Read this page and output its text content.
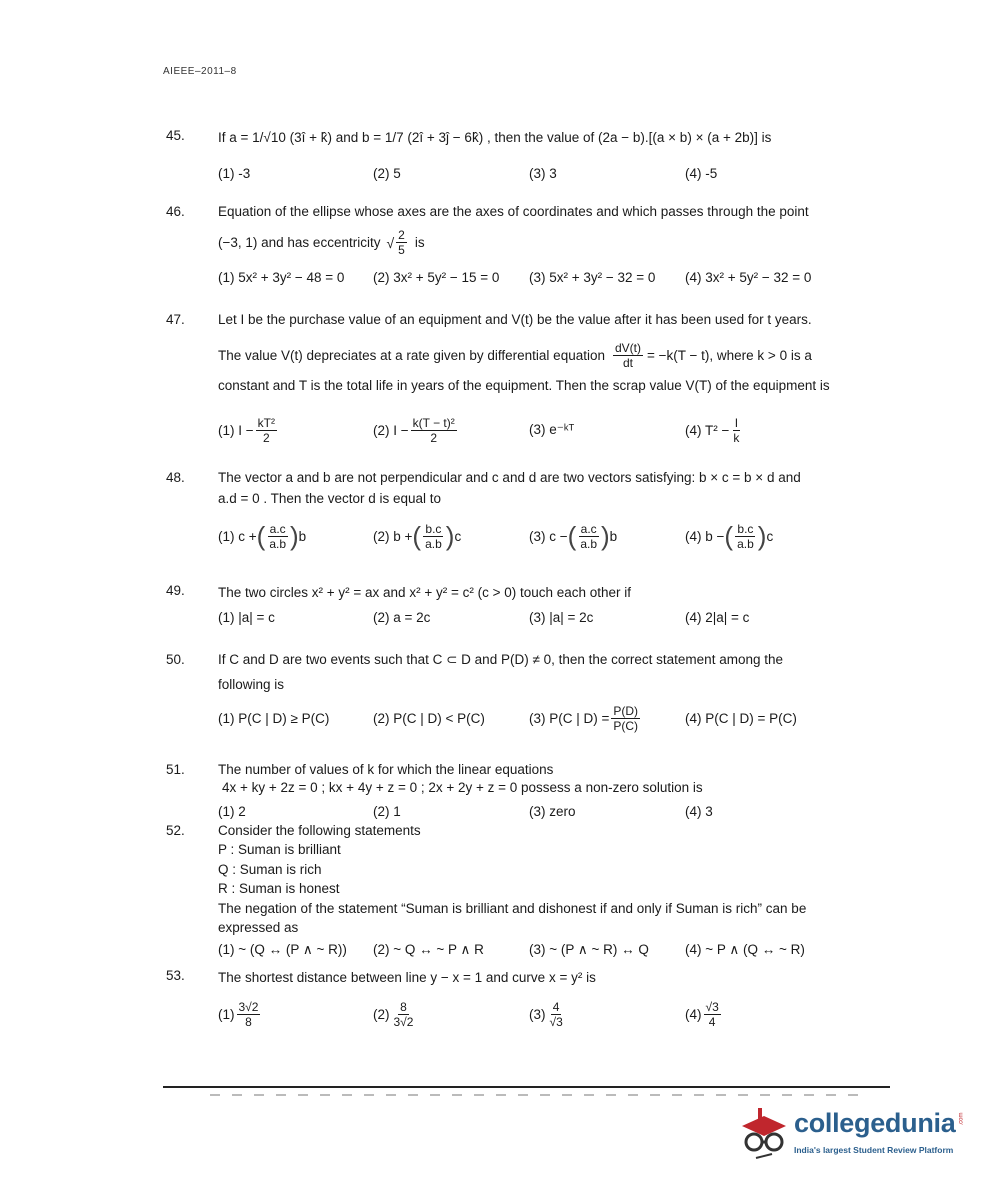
AIEEE–2011–8
45.	If a = 1/√10 (3î + k̂) and b = 1/7 (2î + 3ĵ − 6k̂) , then the value of (2a − b).[(a × b) × (a + 2b)] is
(1) -3	(2) 5	(3) 3	(4) -5
46.	Equation of the ellipse whose axes are the axes of coordinates and which passes through the point
(−3, 1) and has eccentricity √ $\frac{2}{5}$ is
(1) 5x² + 3y² − 48 = 0 (2) 3x² + 5y² − 15 = 0 (3) 5x² + 3y² − 32 = 0 (4) 3x² + 5y² − 32 = 0
47.	Let I be the purchase value of an equipment and V(t) be the value after it has been used for t years.
The value V(t) depreciates at a rate given by differential equation $\frac{dV(t)}{dt} = -k(T - t)$, where k > 0 is a
constant and T is the total life in years of the equipment. Then the scrap value V(T) of the equipment is
(1) $I - \frac{\text{kT²}}{2}$	(2) $I - \frac{\text{k(T − t)²}}{2}$	(3) e⁻ᵏᵀ	(4) $T^2 - \frac{I}{k}$
48.	The vector a and b are not perpendicular and c and d are two vectors satisfying: b × c = b × d and
a.d = 0 . Then the vector d is equal to
(1) c + ( $\frac{a.c}{a.b}$ ) b	(2) b + ( $\frac{b.c}{a.b}$ ) c	(3) c − ( $\frac{a.c}{a.b}$ ) b	(4) b − ( $\frac{b.c}{a.b}$ ) c
49.	The two circles x² + y² = ax and x² + y² = c² (c > 0) touch each other if
(1) |a| = c	(2) a = 2c	(3) |a| = 2c	(4) 2|a| = c
50.	If C and D are two events such that C ⊂ D and P(D) ≠ 0, then the correct statement among the
following is
(1) P(C | D) ≥ P(C)	(2) P(C | D) < P(C)	(3) P(C | $D) = \frac{P(D)}{P(C)}$	(4) P(C | D) = P(C)
51.	The number of values of k for which the linear equations
4x + ky + 2z = 0 ; kx + 4y + z = 0 ; 2x + 2y + z = 0 possess a non-zero solution is
(1) 2	(2) 1	(3) zero	(4) 3
52.	Consider the following statements
P : Suman is brilliant
Q : Suman is rich
R : Suman is honest
The negation of the statement “Suman is brilliant and dishonest if and only if Suman is rich” can be
expressed as
(1) ~ (Q ↔ (P ∧ ~ R)) (2) ~ Q ↔ ~ P ∧ R	(3) ~ (P ∧ ~ R) ↔ Q	(4) ~ P ∧ (Q ↔ ~ R)
53.	The shortest distance between line y − x = 1 and curve x = y² is
$(1) \frac{3√2}{8}$	$(2) \frac{8}{3√2}$	$(3) \frac{4}{√3}$	$(4) \frac{√3}{4}$
collegedunia .com
India's largest Student Review Platform
